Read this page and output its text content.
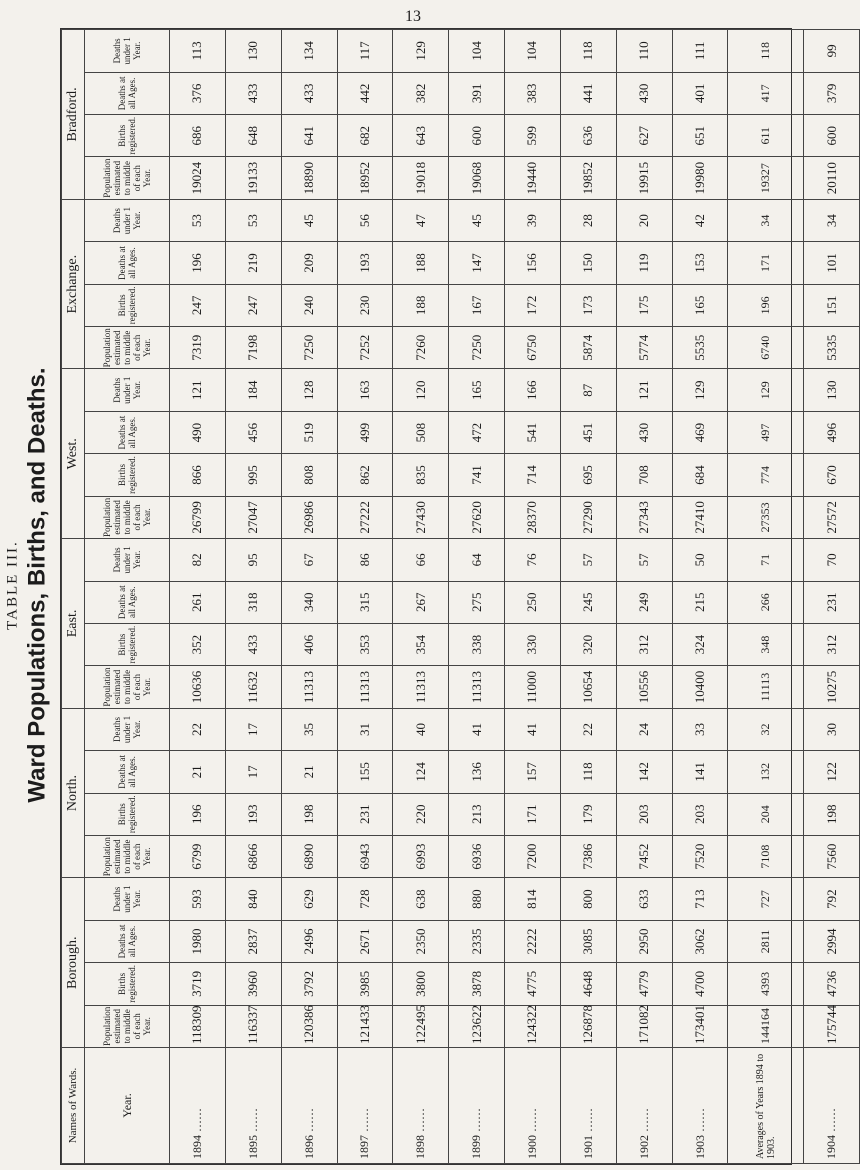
13
TABLE III. Ward Populations, Births, and Deaths.
Names of Wards.	Borough.				North.				East.				West.				Exchange.				Bradford.			
	Population estimated to middle of each Year.	Births registered.	Deaths at all Ages.	Deaths under 1 Year.	Population estimated to middle of each Year.	Births registered.	Deaths at all Ages.	Deaths under 1 Year.	Population estimated to middle of each Year.	Births registered.	Deaths at all Ages.	Deaths under 1 Year.	Population estimated to middle of each Year.	Births registered.	Deaths at all Ages.	Deaths under 1 Year.	Population estimated to middle of each Year.	Births registered.	Deaths at all Ages.	Deaths under 1 Year.	Population estimated to middle of each Year.	Births registered.	Deaths at all Ages.	Deaths under 1 Year.
Year.																								
1894 ……	118309	3719	1980	593	6799	196	21	22	10636	352	261	82	26799	866	490	121	7319	247	196	53	19024	686	376	113
1895 ……	116337	3960	2837	840	6866	193	17	17	11632	433	318	95	27047	995	456	184	7198	247	219	53	19133	648	433	130
1896 ……	120386	3792	2496	629	6890	198	21	35	11313	406	340	67	26986	808	519	128	7250	240	209	45	18890	641	433	134
1897 ……	121433	3985	2671	728	6943	231	155	31	11313	353	315	86	27222	862	499	163	7252	230	193	56	18952	682	442	117
1898 ……	122495	3800	2350	638	6993	220	124	40	11313	354	267	66	27430	835	508	120	7260	188	188	47	19018	643	382	129
1899 ……	123622	3878	2335	880	6936	213	136	41	11313	338	275	64	27620	741	472	165	7250	167	147	45	19068	600	391	104
1900 ……	124322	4775	2222	814	7200	171	157	41	11000	330	250	76	28370	714	541	166	6750	172	156	39	19440	599	383	104
1901 ……	126878	4648	3085	800	7386	179	118	22	10654	320	245	57	27290	695	451	87	5874	173	150	28	19852	636	441	118
1902 ……	171082	4779	2950	633	7452	203	142	24	10556	312	249	57	27343	708	430	121	5774	175	119	20	19915	627	430	110
1903 ……	173401	4700	3062	713	7520	203	141	33	10400	324	215	50	27410	684	469	129	5535	165	153	42	19980	651	401	111
Averages of Years 1894 to 1903.	144164	4393	2811	727	7108	204	132	32	11113	348	266	71	27353	774	497	129	6740	196	171	34	19327	611	417	118
1904 ……	175744	4736	2994	792	7560	198	122	30	10275	312	231	70	27572	670	496	130	5335	151	101	34	20110	600	379	99
